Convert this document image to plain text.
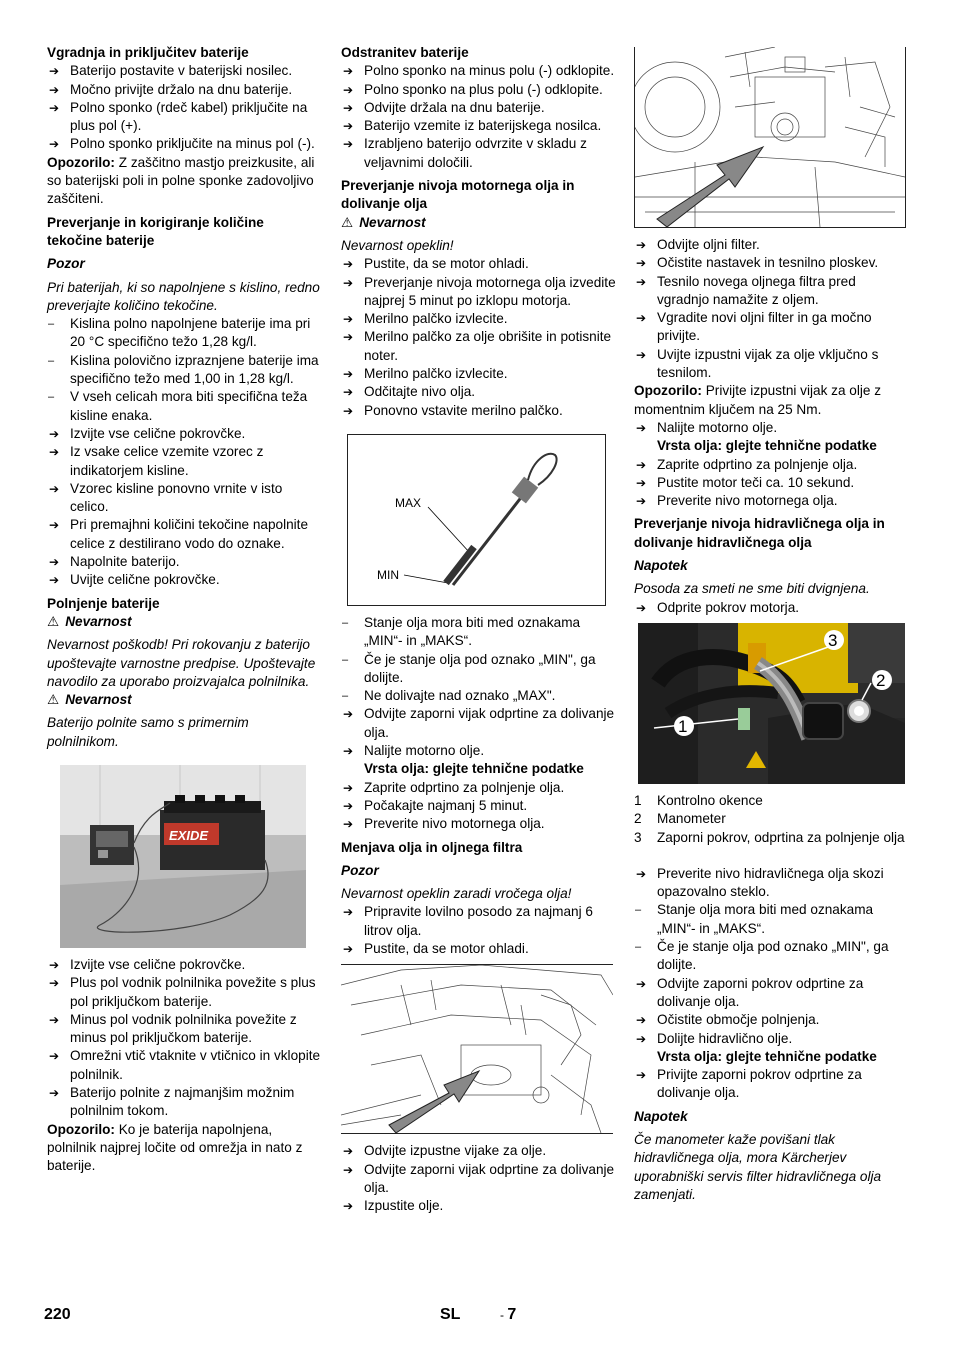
Vgradnja in priključitev baterije

➔ Baterijo postavite v baterijski nosilec.
➔ Močno privijte držalo na dnu baterije.
➔ Polno sponko (rdeč kabel) priključite na plus pol (+).
➔ Polno sponko priključite na minus pol (-).

Opozorilo: Z zaščitno mastjo preizkusite, ali so baterijski poli in polne sponke zadovoljivo zaščiteni.

Preverjanje in korigiranje količine tekočine baterije

Pozor

Pri baterijah, ki so napolnjene s kislino, redno preverjajte količino tekočine.

– Kislina polno napolnjene baterije ima pri 20 °C specifično težo 1,28 kg/l.
– Kislina polovično izpraznjene baterije ima specifično težo med 1,00 in 1,28 kg/l.
– V vseh celicah mora biti specifična teža kisline enaka.
➔ Izvijte vse celične pokrovčke.
➔ Iz vsake celice vzemite vzorec z indikatorjem kisline.
➔ Vzorec kisline ponovno vrnite v isto celico.
➔ Pri premajhni količini tekočine napolnite celice z destilirano vodo do oznake.
➔ Napolnite baterijo.
➔ Uvijte celične pokrovčke.

Polnjenje baterije

⚠ Nevarnost

Nevarnost poškodb! Pri rokovanju z baterijo upoštevajte varnostne predpise. Upoštevajte navodilo za uporabo proizvajalca polnilnika.

⚠ Nevarnost

Baterijo polnite samo s primernim polnilnikom.

EXIDE
➔ Izvijte vse celične pokrovčke.
➔ Plus pol vodnik polnilnika povežite s plus pol priključkom baterije.
➔ Minus pol vodnik polnilnika povežite z minus pol priključkom baterije.
➔ Omrežni vtič vtaknite v vtičnico in vklopite polnilnik.
➔ Baterijo polnite z najmanjšim možnim polnilnim tokom.

Opozorilo: Ko je baterija napolnjena, polnilnik najprej ločite od omrežja in nato z baterije.

Odstranitev baterije

➔ Polno sponko na minus polu (-) odklopite.
➔ Polno sponko na plus polu (-) odklopite.
➔ Odvijte držala na dnu baterije.
➔ Baterijo vzemite iz baterijskega nosilca.
➔ Izrabljeno baterijo odvrzite v skladu z veljavnimi določili.

Preverjanje nivoja motornega olja in dolivanje olja

⚠ Nevarnost

Nevarnost opeklin!

➔ Pustite, da se motor ohladi.
➔ Preverjanje nivoja motornega olja izvedite najprej 5 minut po izklopu motorja.
➔ Merilno palčko izvlecite.
➔ Merilno palčko za olje obrišite in potisnite noter.
➔ Merilno palčko izvlecite.
➔ Odčitajte nivo olja.
➔ Ponovno vstavite merilno palčko.
MAX
MIN
– Stanje olja mora biti med oznakama „MIN“- in „MAKS“.
– Če je stanje olja pod oznako „MIN", ga dolijte.
– Ne dolivajte nad oznako „MAX".
➔ Odvijte zaporni vijak odprtine za dolivanje olja.
➔ Nalijte motorno olje.
Vrsta olja: glejte tehnične podatke
➔ Zaprite odprtino za polnjenje olja.
➔ Počakajte najmanj 5 minut.
➔ Preverite nivo motornega olja.

Menjava olja in oljnega filtra

Pozor

Nevarnost opeklin zaradi vročega olja!

➔ Pripravite lovilno posodo za najmanj 6 litrov olja.
➔ Pustite, da se motor ohladi.
➔ Odvijte izpustne vijake za olje.
➔ Odvijte zaporni vijak odprtine za dolivanje olja.
➔ Izpustite olje.
➔ Odvijte oljni filter.
➔ Očistite nastavek in tesnilno ploskev.
➔ Tesnilo novega oljnega filtra pred vgradnjo namažite z oljem.
➔ Vgradite novi oljni filter in ga močno privijte.
➔ Uvijte izpustni vijak za olje vključno s tesnilom.

Opozorilo: Privijte izpustni vijak za olje z momentnim ključem na 25 Nm.

➔ Nalijte motorno olje.
Vrsta olja: glejte tehnične podatke
➔ Zaprite odprtino za polnjenje olja.
➔ Pustite motor teči ca. 10 sekund.
➔ Preverite nivo motornega olja.

Preverjanje nivoja hidravličnega olja in dolivanje hidravličnega olja

Napotek

Posoda za smeti ne sme biti dvignjena.

➔ Odprite pokrov motorja.
3
2
1
1 Kontrolno okence
2 Manometer
3 Zaporni pokrov, odprtina za polnjenje olja
➔ Preverite nivo hidravličnega olja skozi opazovalno steklo.
– Stanje olja mora biti med oznakama „MIN“- in „MAKS“.
– Če je stanje olja pod oznako „MIN", ga dolijte.
➔ Odvijte zaporni pokrov odprtine za dolivanje olja.
➔ Očistite območje polnjenja.
➔ Dolijte hidravlično olje.
Vrsta olja: glejte tehnične podatke
➔ Privijte zaporni pokrov odprtine za dolivanje olja.

Napotek

Če manometer kaže povišani tlak hidravličnega olja, mora Kärcherjev uporabniški servis filter hidravličnega olja zamenjati.

220	SL	- 7
